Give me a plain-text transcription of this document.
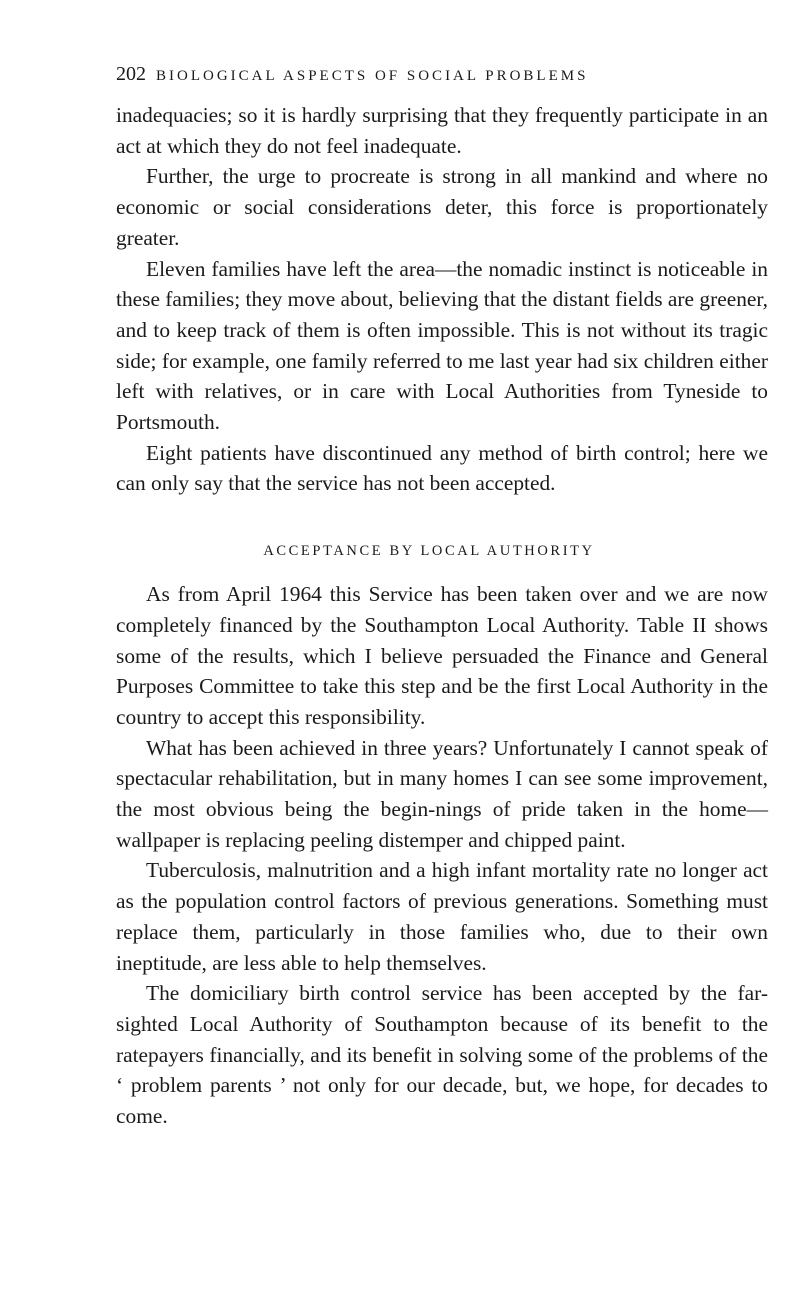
202 BIOLOGICAL ASPECTS OF SOCIAL PROBLEMS

inadequacies; so it is hardly surprising that they frequently participate in an act at which they do not feel inadequate.

Further, the urge to procreate is strong in all mankind and where no economic or social considerations deter, this force is proportionately greater.

Eleven families have left the area—the nomadic instinct is noticeable in these families; they move about, believing that the distant fields are greener, and to keep track of them is often impossible. This is not without its tragic side; for example, one family referred to me last year had six children either left with relatives, or in care with Local Authorities from Tyneside to Portsmouth.

Eight patients have discontinued any method of birth control; here we can only say that the service has not been accepted.

ACCEPTANCE BY LOCAL AUTHORITY

As from April 1964 this Service has been taken over and we are now completely financed by the Southampton Local Authority. Table II shows some of the results, which I believe persuaded the Finance and General Purposes Committee to take this step and be the first Local Authority in the country to accept this responsibility.

What has been achieved in three years? Unfortunately I cannot speak of spectacular rehabilitation, but in many homes I can see some improvement, the most obvious being the begin-nings of pride taken in the home—wallpaper is replacing peeling distemper and chipped paint.

Tuberculosis, malnutrition and a high infant mortality rate no longer act as the population control factors of previous generations. Something must replace them, particularly in those families who, due to their own ineptitude, are less able to help themselves.

The domiciliary birth control service has been accepted by the far-sighted Local Authority of Southampton because of its benefit to the ratepayers financially, and its benefit in solving some of the problems of the ‘ problem parents ’ not only for our decade, but, we hope, for decades to come.
